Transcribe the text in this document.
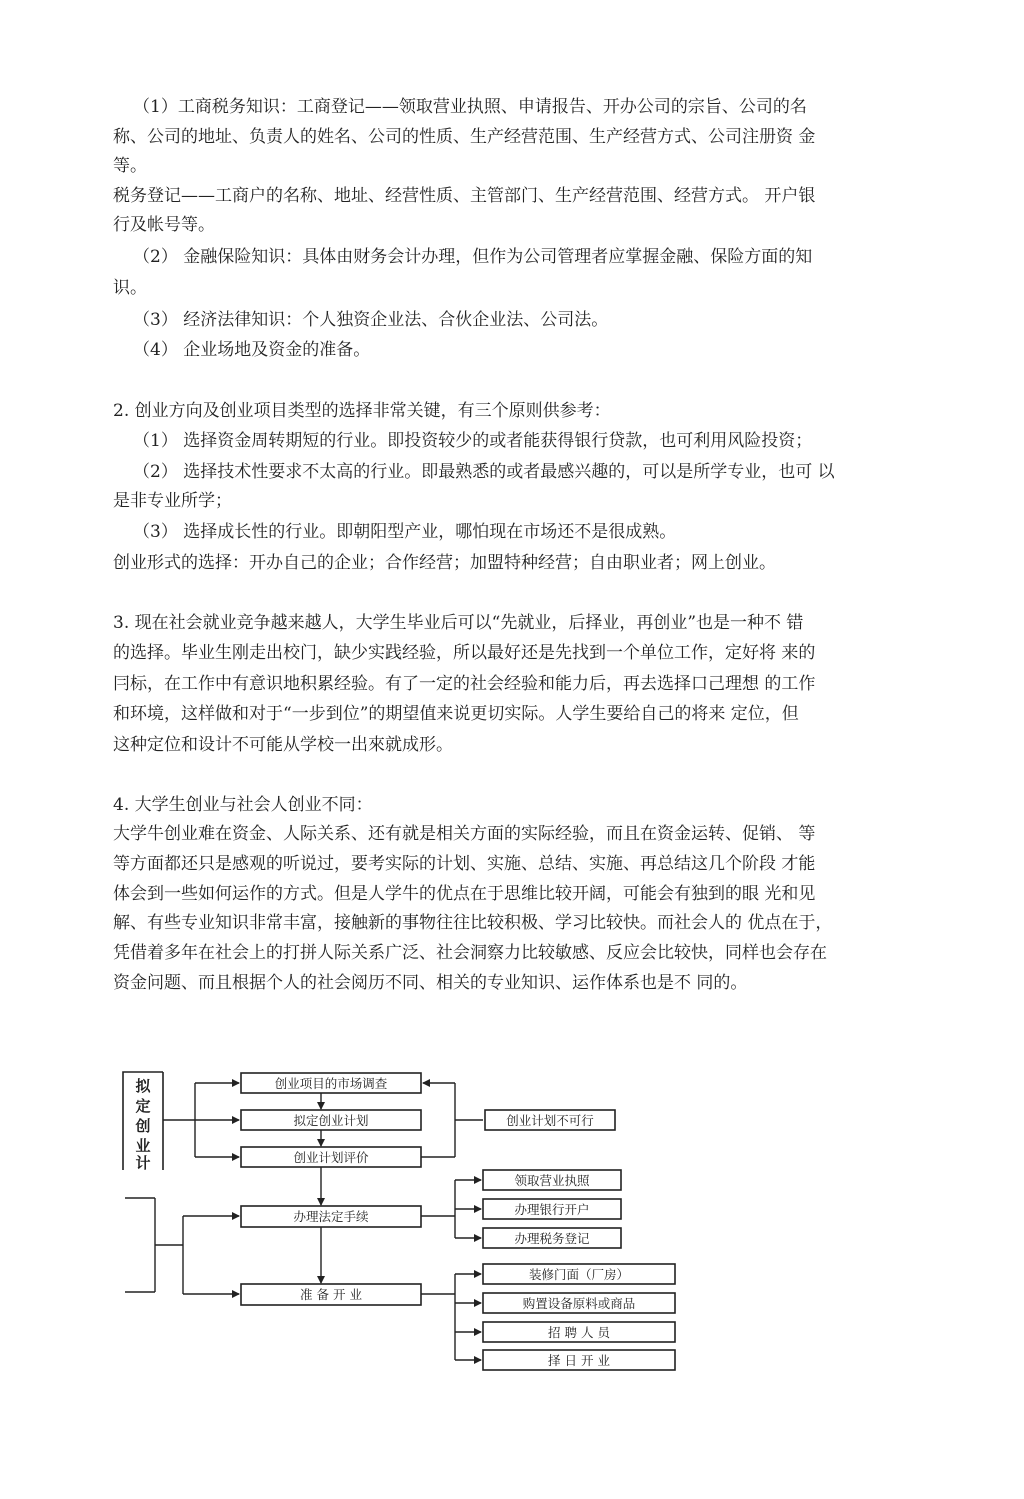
（1）工商税务知识：工商登记——领取营业执照、申请报告、开办公司的宗旨、公司的名
称、公司的地址、负责人的姓名、公司的性质、生产经营范围、生产经营方式、公司注册资 金
等。
税务登记——工商户的名称、地址、经营性质、主管部门、生产经营范围、经营方式。 开户银
行及帐号等。
（2） 金融保险知识：具体由财务会计办理，但作为公司管理者应掌握金融、保险方面的知
识。
（3） 经济法律知识：个人独资企业法、合伙企业法、公司法。
（4） 企业场地及资金的准备。
2. 创业方向及创业项目类型的选择非常关键，有三个原则供参考：
（1） 选择资金周转期短的行业。即投资较少的或者能获得银行贷款，也可利用风险投资；
（2） 选择技术性要求不太高的行业。即最熟悉的或者最感兴趣的，可以是所学专业，也可 以
是非专业所学；
（3） 选择成长性的行业。即朝阳型产业，哪怕现在市场还不是很成熟。
创业形式的选择：开办自己的企业；合作经营；加盟特种经营；自由职业者；网上创业。
3. 现在社会就业竞争越来越人，大学生毕业后可以“先就业，后择业，再创业”也是一种不 错
的选择。毕业生刚走出校门，缺少实践经验，所以最好还是先找到一个单位工作，定好将 来的
冃标，在工作中有意识地积累经验。有了一定的社会经验和能力后，再去选择口己理想 的工作
和环境，这样做和对于“一步到位”的期望值来说更切实际。人学生要给自己的将来 定位，但
这种定位和设计不可能从学校一出來就成形。
4. 大学生创业与社会人创业不同：
大学牛创业难在资金、人际关系、还有就是相关方面的实际经验，而且在资金运转、促销、 等
等方面都还只是感观的听说过，要考实际的计划、实施、总结、实施、再总结这几个阶段 才能
体会到一些如何运作的方式。但是人学牛的优点在于思维比较开阔，可能会有独到的眼 光和见
解、有些专业知识非常丰富，接触新的事物往往比较积极、学习比较快。而社会人的 优点在于，
凭借着多年在社会上的打拼人际关系广泛、社会洞察力比较敏感、反应会比较快，同样也会存在
资金问题、而且根据个人的社会阅历不同、相关的专业知识、运作体系也是不 同的。
拟
定
创
业
计
创业项目的市场调查
拟定创业计划
创业计划评价
办理法定手续
准 备 开 业
创业计划不可行
领取营业执照
办理银行开户
办理税务登记
装修门面（厂房）
购置设备原料或商品
招 聘 人 员
择 日 开 业
